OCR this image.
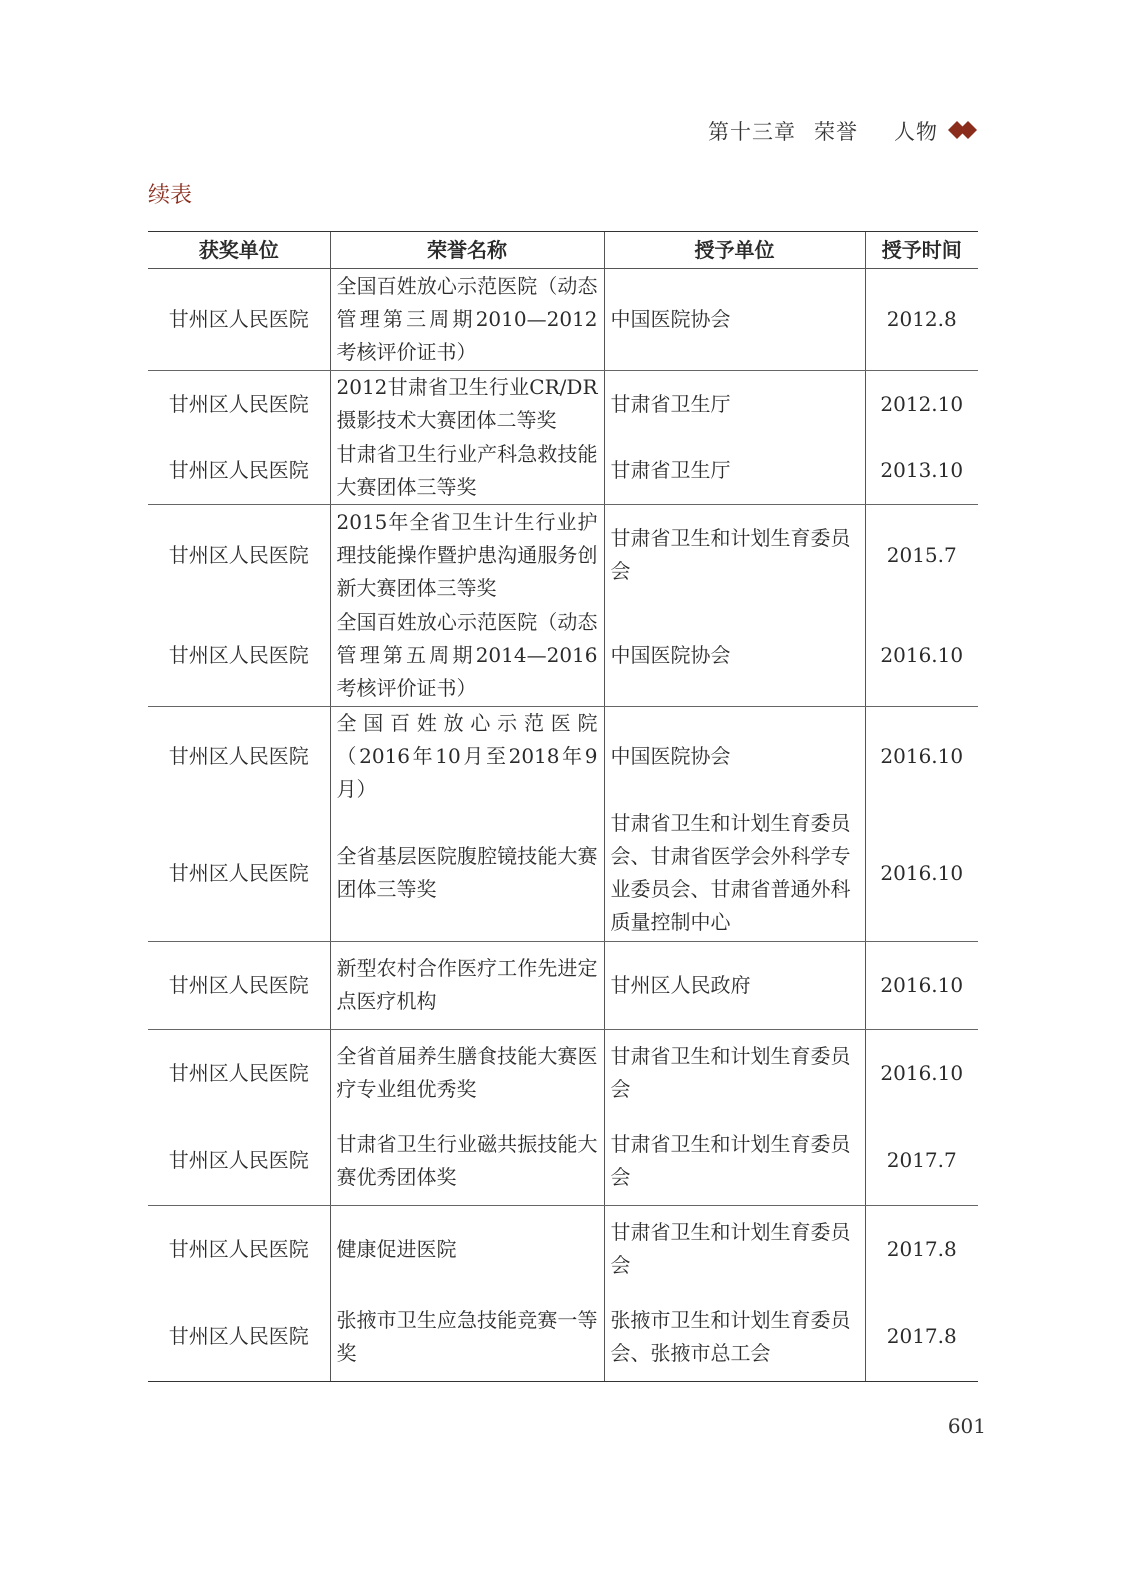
第十三章 荣誉 人物
续表
获奖单位	荣誉名称	授予单位	授予时间
甘州区人民医院	全国百姓放心示范医院（动态管理第三周期2010—2012考核评价证书）	中国医院协会	2012.8
甘州区人民医院	2012甘肃省卫生行业CR/DR摄影技术大赛团体二等奖	甘肃省卫生厅	2012.10
甘州区人民医院	甘肃省卫生行业产科急救技能大赛团体三等奖	甘肃省卫生厅	2013.10
甘州区人民医院	2015年全省卫生计生行业护理技能操作暨护患沟通服务创新大赛团体三等奖	甘肃省卫生和计划生育委员会	2015.7
甘州区人民医院	全国百姓放心示范医院（动态管理第五周期2014—2016考核评价证书）	中国医院协会	2016.10
甘州区人民医院	全国百姓放心示范医院（2016年10月至2018年9月）	中国医院协会	2016.10
甘州区人民医院	全省基层医院腹腔镜技能大赛团体三等奖	甘肃省卫生和计划生育委员会、甘肃省医学会外科学专业委员会、甘肃省普通外科质量控制中心	2016.10
甘州区人民医院	新型农村合作医疗工作先进定点医疗机构	甘州区人民政府	2016.10
甘州区人民医院	全省首届养生膳食技能大赛医疗专业组优秀奖	甘肃省卫生和计划生育委员会	2016.10
甘州区人民医院	甘肃省卫生行业磁共振技能大赛优秀团体奖	甘肃省卫生和计划生育委员会	2017.7
甘州区人民医院	健康促进医院	甘肃省卫生和计划生育委员会	2017.8
甘州区人民医院	张掖市卫生应急技能竞赛一等奖	张掖市卫生和计划生育委员会、张掖市总工会	2017.8
601
